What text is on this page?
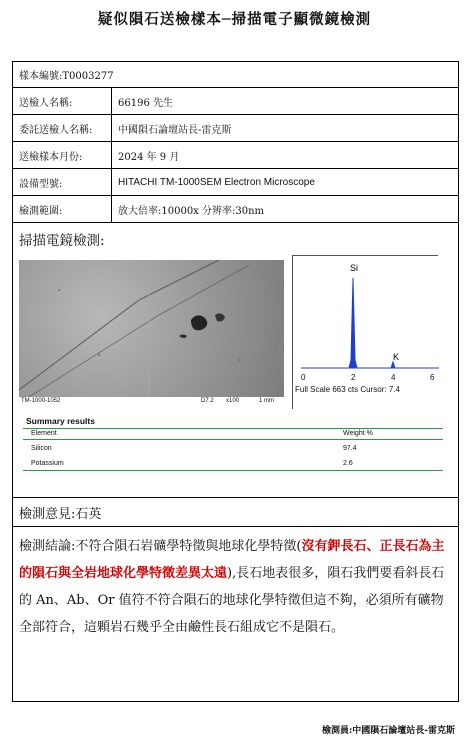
疑似隕石送檢樣本─掃描電子顯微鏡檢測
樣本編號:T0003277
送檢人名稱:	66196 先生
委託送檢人名稱:	中國隕石論壇站長-雷克斯
送檢樣本月份:	2024 年 9 月
設備型號:	HITACHI TM-1000SEM Electron Microscope
檢測範圍:	放大倍率:10000x 分辨率:30nm
掃描電鏡檢測:
TM-1000-1052	D7.2 x100	1 mm
Si
K
0	2	4	6
Full Scale 663 cts Cursor: 7.4
Summary results
Element	Weight %
Silicon	97.4
Potassium	2.6
檢測意見:石英
檢測結論:不符合隕石岩礦學特徵與地球化學特徵(沒有鉀長石、正長石為主的隕石與全岩地球化學特徵差異太遠),長石地表很多，隕石我們要看斜長石的 An、Ab、Or 值符不符合隕石的地球化學特徵但這不夠，必須所有礦物全部符合，這顆岩石幾乎全由鹼性長石組成它不是隕石。
檢測員:中國隕石論壇站長-雷克斯
